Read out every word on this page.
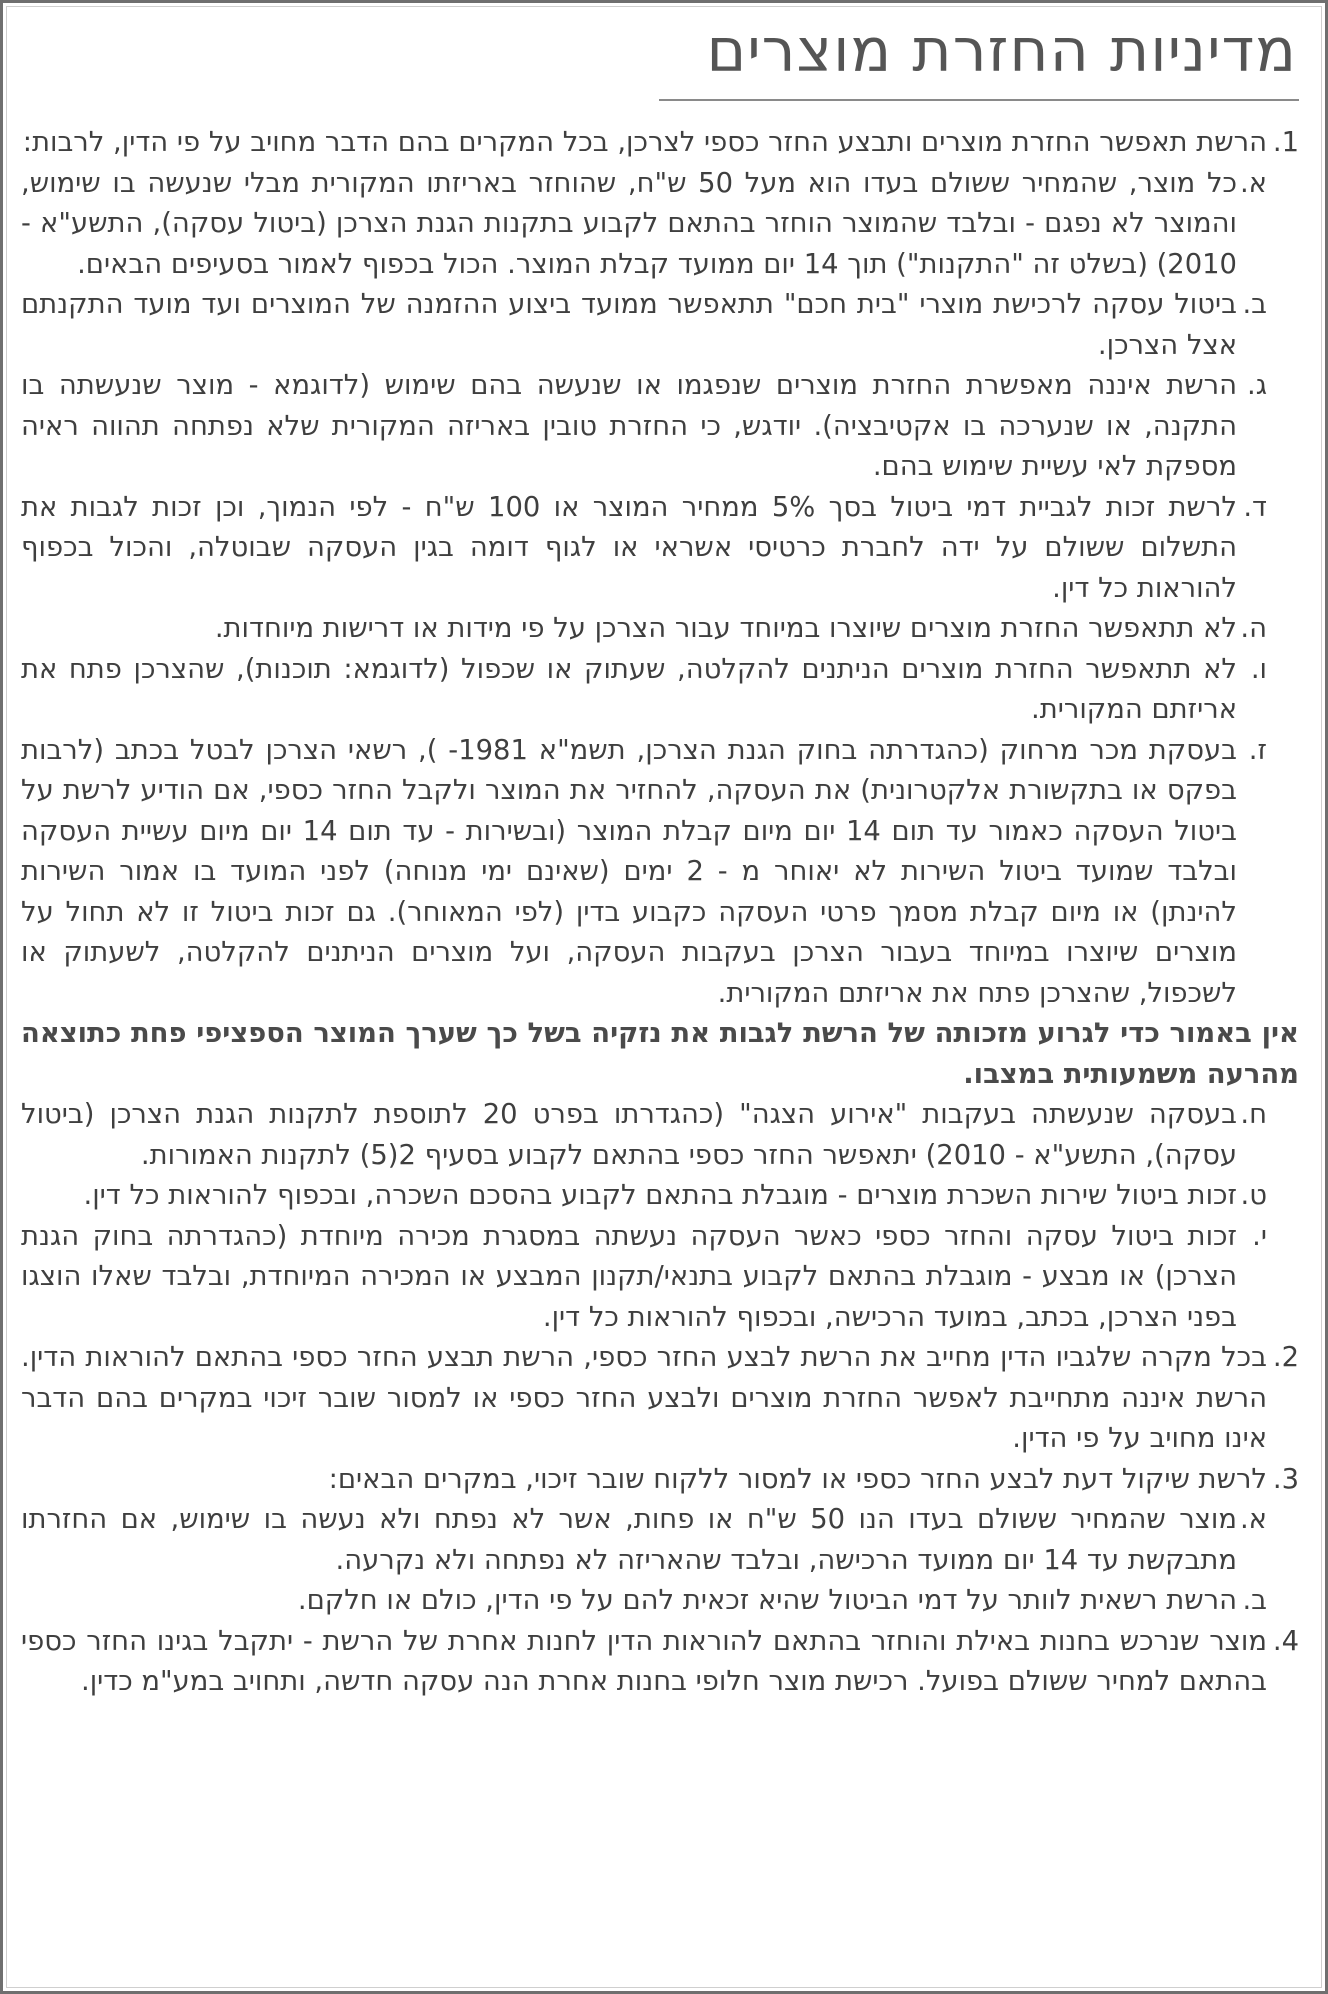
מדיניות החזרת מוצרים
1.
הרשת תאפשר החזרת מוצרים ותבצע החזר כספי לצרכן, בכל המקרים בהם הדבר מחויב על פי הדין, לרבות:
א.
כל מוצר, שהמחיר ששולם בעדו הוא מעל 50 ש"ח, שהוחזר באריזתו המקורית מבלי שנעשה בו שימוש, והמוצר לא נפגם - ובלבד שהמוצר הוחזר בהתאם לקבוע בתקנות הגנת הצרכן (ביטול עסקה), התשע"א - 2010) (בשלט זה "התקנות") תוך 14 יום ממועד קבלת המוצר. הכול בכפוף לאמור בסעיפים הבאים.
ב.
ביטול עסקה לרכישת מוצרי "בית חכם" תתאפשר ממועד ביצוע ההזמנה של המוצרים ועד מועד התקנתם אצל הצרכן.
ג.
הרשת איננה מאפשרת החזרת מוצרים שנפגמו או שנעשה בהם שימוש (לדוגמא - מוצר שנעשתה בו התקנה, או שנערכה בו אקטיבציה). יודגש, כי החזרת טובין באריזה המקורית שלא נפתחה תהווה ראיה מספקת לאי עשיית שימוש בהם.
ד.
לרשת זכות לגביית דמי ביטול בסך 5% ממחיר המוצר או 100 ש"ח - לפי הנמוך, וכן זכות לגבות את התשלום ששולם על ידה לחברת כרטיסי אשראי או לגוף דומה בגין העסקה שבוטלה, והכול בכפוף להוראות כל דין.
ה.
לא תתאפשר החזרת מוצרים שיוצרו במיוחד עבור הצרכן על פי מידות או דרישות מיוחדות.
ו.
לא תתאפשר החזרת מוצרים הניתנים להקלטה, שעתוק או שכפול (לדוגמא: תוכנות), שהצרכן פתח את אריזתם המקורית.
ז.
בעסקת מכר מרחוק (כהגדרתה בחוק הגנת הצרכן, תשמ"א 1981- ), רשאי הצרכן לבטל בכתב (לרבות בפקס או בתקשורת אלקטרונית) את העסקה, להחזיר את המוצר ולקבל החזר כספי, אם הודיע לרשת על ביטול העסקה כאמור עד תום 14 יום מיום קבלת המוצר (ובשירות - עד תום 14 יום מיום עשיית העסקה ובלבד שמועד ביטול השירות לא יאוחר מ - 2 ימים (שאינם ימי מנוחה) לפני המועד בו אמור השירות להינתן) או מיום קבלת מסמך פרטי העסקה כקבוע בדין (לפי המאוחר). גם זכות ביטול זו לא תחול על מוצרים שיוצרו במיוחד בעבור הצרכן בעקבות העסקה, ועל מוצרים הניתנים להקלטה, לשעתוק או לשכפול, שהצרכן פתח את אריזתם המקורית.
אין באמור כדי לגרוע מזכותה של הרשת לגבות את נזקיה בשל כך שערך המוצר הספציפי פחת כתוצאה מהרעה משמעותית במצבו.
ח.
בעסקה שנעשתה בעקבות "אירוע הצגה" (כהגדרתו בפרט 20 לתוספת לתקנות הגנת הצרכן (ביטול עסקה), התשע"א - 2010) יתאפשר החזר כספי בהתאם לקבוע בסעיף 2(5) לתקנות האמורות.
ט.
זכות ביטול שירות השכרת מוצרים - מוגבלת בהתאם לקבוע בהסכם השכרה, ובכפוף להוראות כל דין.
י.
זכות ביטול עסקה והחזר כספי כאשר העסקה נעשתה במסגרת מכירה מיוחדת (כהגדרתה בחוק הגנת הצרכן) או מבצע - מוגבלת בהתאם לקבוע בתנאי/תקנון המבצע או המכירה המיוחדת, ובלבד שאלו הוצגו בפני הצרכן, בכתב, במועד הרכישה, ובכפוף להוראות כל דין.
2.
בכל מקרה שלגביו הדין מחייב את הרשת לבצע החזר כספי, הרשת תבצע החזר כספי בהתאם להוראות הדין. הרשת איננה מתחייבת לאפשר החזרת מוצרים ולבצע החזר כספי או למסור שובר זיכוי במקרים בהם הדבר אינו מחויב על פי הדין.
3.
לרשת שיקול דעת לבצע החזר כספי או למסור ללקוח שובר זיכוי, במקרים הבאים:
א.
מוצר שהמחיר ששולם בעדו הנו 50 ש"ח או פחות, אשר לא נפתח ולא נעשה בו שימוש, אם החזרתו מתבקשת עד 14 יום ממועד הרכישה, ובלבד שהאריזה לא נפתחה ולא נקרעה.
ב.
הרשת רשאית לוותר על דמי הביטול שהיא זכאית להם על פי הדין, כולם או חלקם.
4.
מוצר שנרכש בחנות באילת והוחזר בהתאם להוראות הדין לחנות אחרת של הרשת - יתקבל בגינו החזר כספי בהתאם למחיר ששולם בפועל. רכישת מוצר חלופי בחנות אחרת הנה עסקה חדשה, ותחויב במע"מ כדין.
